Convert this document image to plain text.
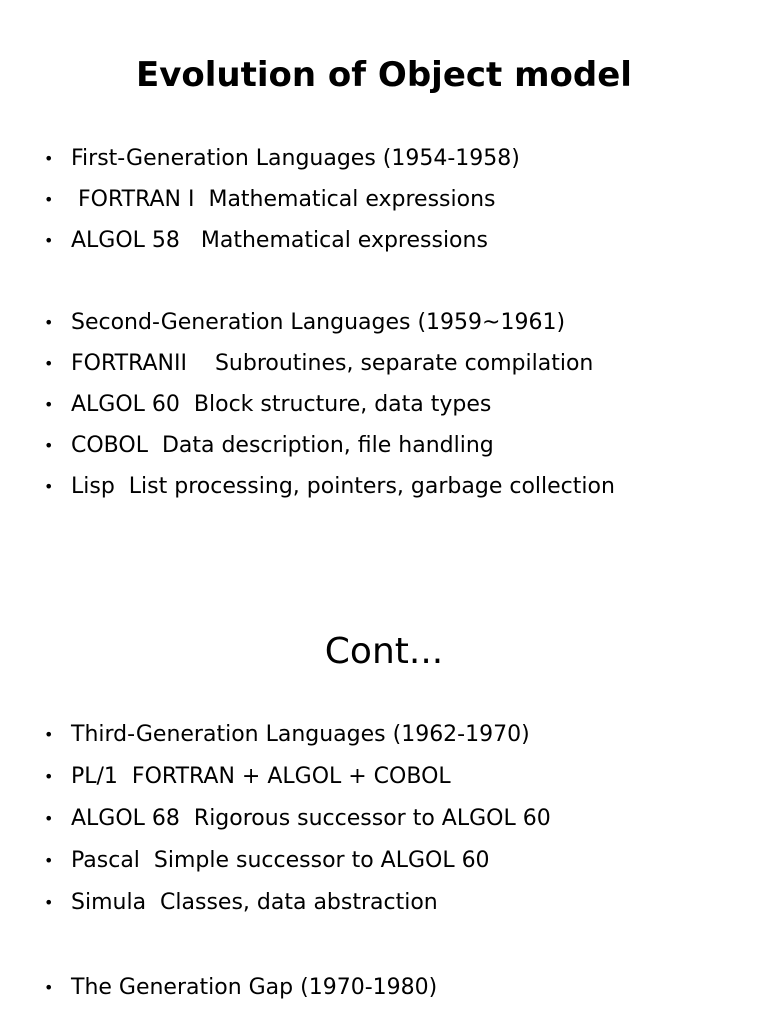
Evolution of Object model

•

First-Generation Languages (1954-1958)

•

FORTRAN I  Mathematical expressions

•

ALGOL 58   Mathematical expressions

•

Second-Generation Languages (1959~1961)

•

FORTRANII    Subroutines, separate compilation

•

ALGOL 60  Block structure, data types

•

COBOL  Data description, file handling

•

Lisp  List processing, pointers, garbage collection

Cont...

•

Third-Generation Languages (1962-1970)

•

PL/1  FORTRAN + ALGOL + COBOL

•

ALGOL 68  Rigorous successor to ALGOL 60

•

Pascal  Simple successor to ALGOL 60

•

Simula  Classes, data abstraction

•

The Generation Gap (1970-1980)
